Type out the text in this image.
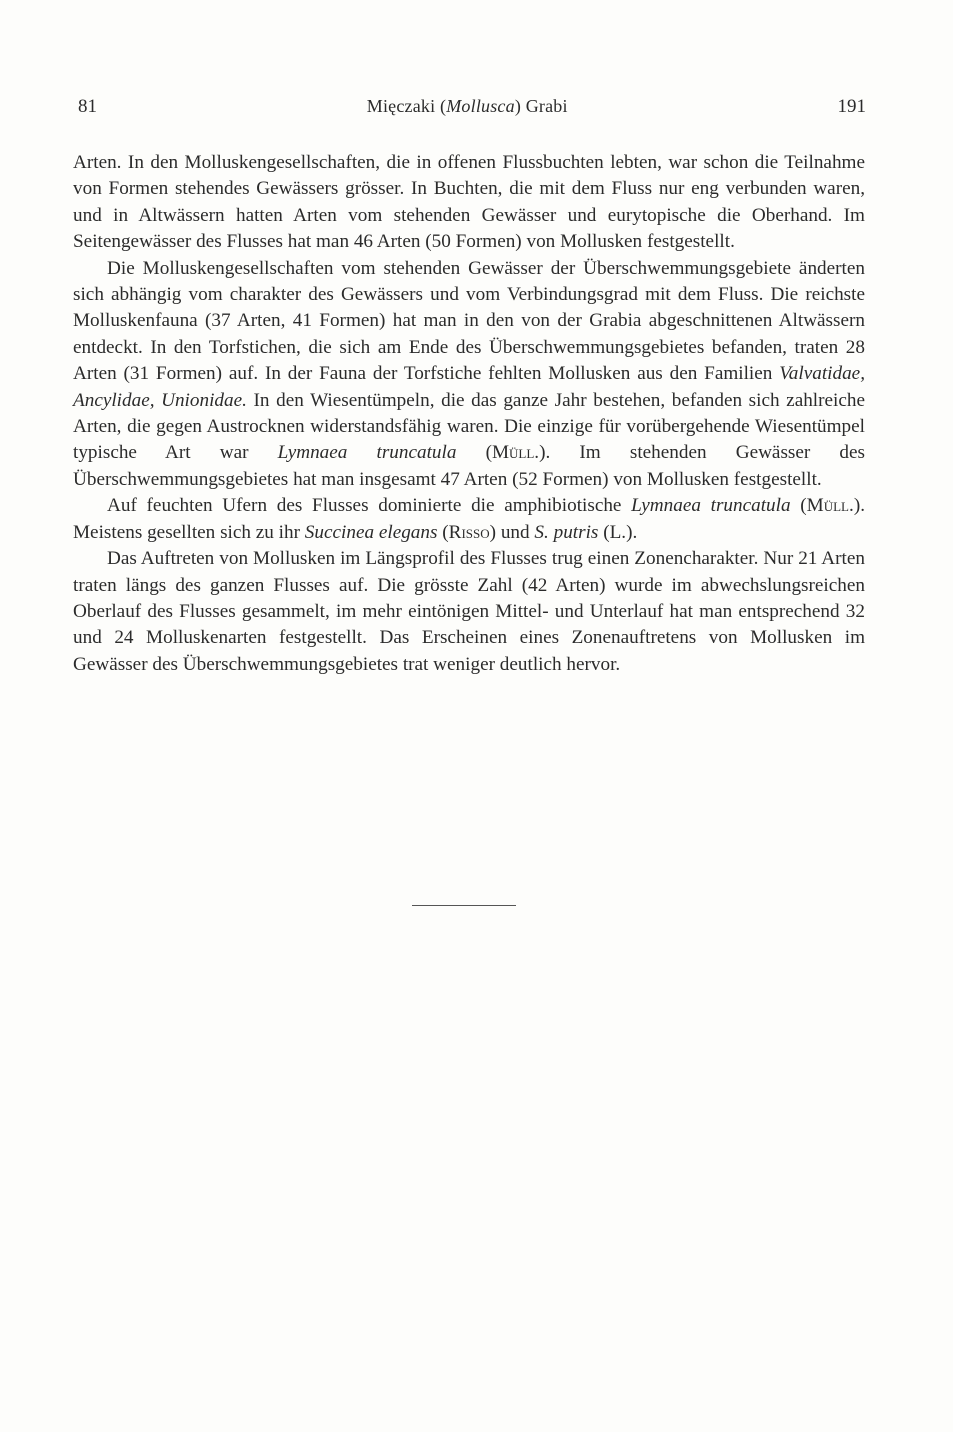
81	Mięczaki (Mollusca) Grabi	191

Arten. In den Molluskengesellschaften, die in offenen Flussbuchten lebten, war schon die Teilnahme von Formen stehendes Gewässers grösser. In Buchten, die mit dem Fluss nur eng verbunden waren, und in Altwässern hatten Arten vom stehenden Gewässer und eurytopische die Oberhand. Im Seitengewässer des Flusses hat man 46 Arten (50 Formen) von Mollusken festgestellt.

Die Molluskengesellschaften vom stehenden Gewässer der Überschwemmungsgebiete änderten sich abhängig vom charakter des Gewässers und vom Verbindungsgrad mit dem Fluss. Die reichste Molluskenfauna (37 Arten, 41 Formen) hat man in den von der Grabia abgeschnittenen Altwässern entdeckt. In den Torfstichen, die sich am Ende des Überschwemmungsgebietes befanden, traten 28 Arten (31 Formen) auf. In der Fauna der Torfstiche fehlten Mollusken aus den Familien Valvatidae, Ancylidae, Unionidae. In den Wiesentümpeln, die das ganze Jahr bestehen, befanden sich zahlreiche Arten, die gegen Austrocknen widerstandsfähig waren. Die einzige für vorübergehende Wiesentümpel typische Art war Lymnaea truncatula (Müll.). Im stehenden Gewässer des Überschwemmungsgebietes hat man insgesamt 47 Arten (52 Formen) von Mollusken festgestellt.

Auf feuchten Ufern des Flusses dominierte die amphibiotische Lymnaea truncatula (Müll.). Meistens gesellten sich zu ihr Succinea elegans (Risso) und S. putris (L.).

Das Auftreten von Mollusken im Längsprofil des Flusses trug einen Zonencharakter. Nur 21 Arten traten längs des ganzen Flusses auf. Die grösste Zahl (42 Arten) wurde im abwechslungsreichen Oberlauf des Flusses gesammelt, im mehr eintönigen Mittel- und Unterlauf hat man entsprechend 32 und 24 Molluskenarten festgestellt. Das Erscheinen eines Zonenauftretens von Mollusken im Gewässer des Überschwemmungsgebietes trat weniger deutlich hervor.
